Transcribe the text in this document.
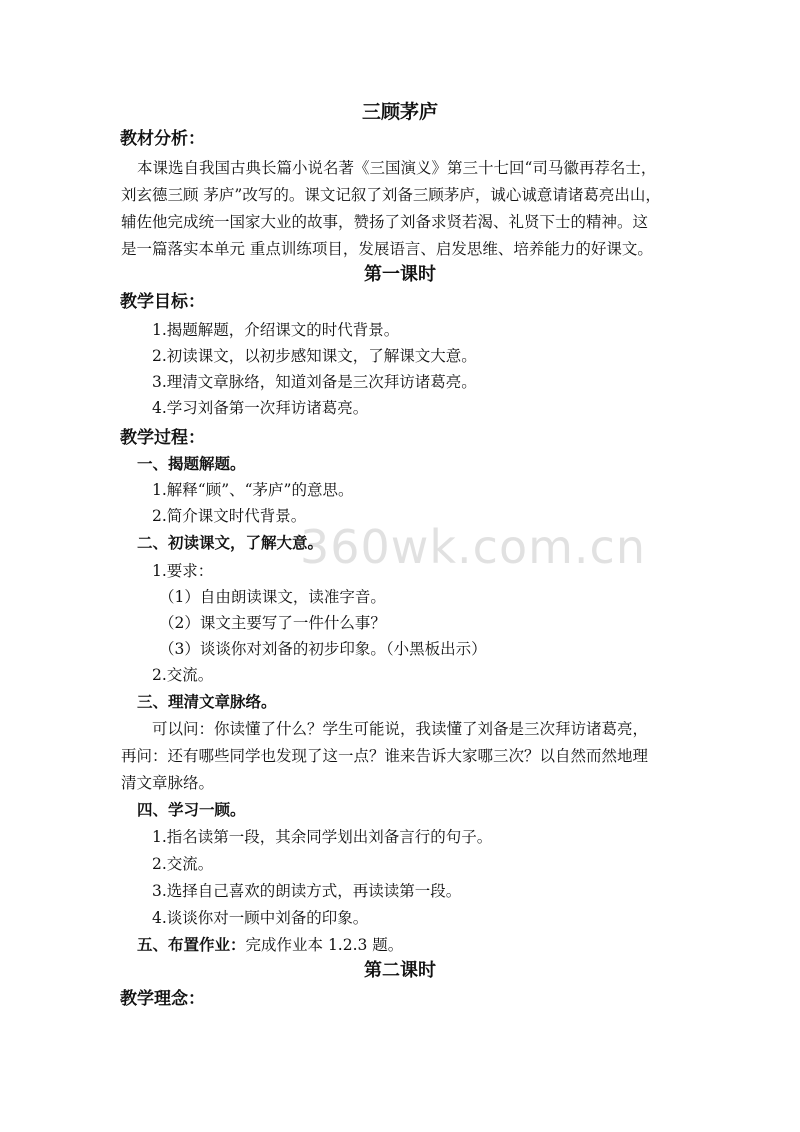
360wk.com.cn
三顾茅庐
教材分析：
本课选自我国古典长篇小说名著《三国演义》第三十七回“司马徽再荐名士，
刘玄德三顾 茅庐”改写的。课文记叙了刘备三顾茅庐，诚心诚意请诸葛亮出山，
辅佐他完成统一国家大业的故事，赞扬了刘备求贤若渴、礼贤下士的精神。这
是一篇落实本单元 重点训练项目，发展语言、启发思维、培养能力的好课文。
第一课时
教学目标：
1.揭题解题，介绍课文的时代背景。
2.初读课文，以初步感知课文，了解课文大意。
3.理清文章脉络，知道刘备是三次拜访诸葛亮。
4.学习刘备第一次拜访诸葛亮。
教学过程：
一、揭题解题。
1.解释“顾”、“茅庐”的意思。
2.简介课文时代背景。
二、初读课文，了解大意。
1.要求：
（1）自由朗读课文，读准字音。
（2）课文主要写了一件什么事？
（3）谈谈你对刘备的初步印象。（小黑板出示）
2.交流。
三、理清文章脉络。
可以问：你读懂了什么？学生可能说，我读懂了刘备是三次拜访诸葛亮，
再问：还有哪些同学也发现了这一点？谁来告诉大家哪三次？以自然而然地理
清文章脉络。
四、学习一顾。
1.指名读第一段，其余同学划出刘备言行的句子。
2.交流。
3.选择自己喜欢的朗读方式，再读读第一段。
4.谈谈你对一顾中刘备的印象。
五、布置作业：完成作业本 1.2.3 题。
第二课时
教学理念：
